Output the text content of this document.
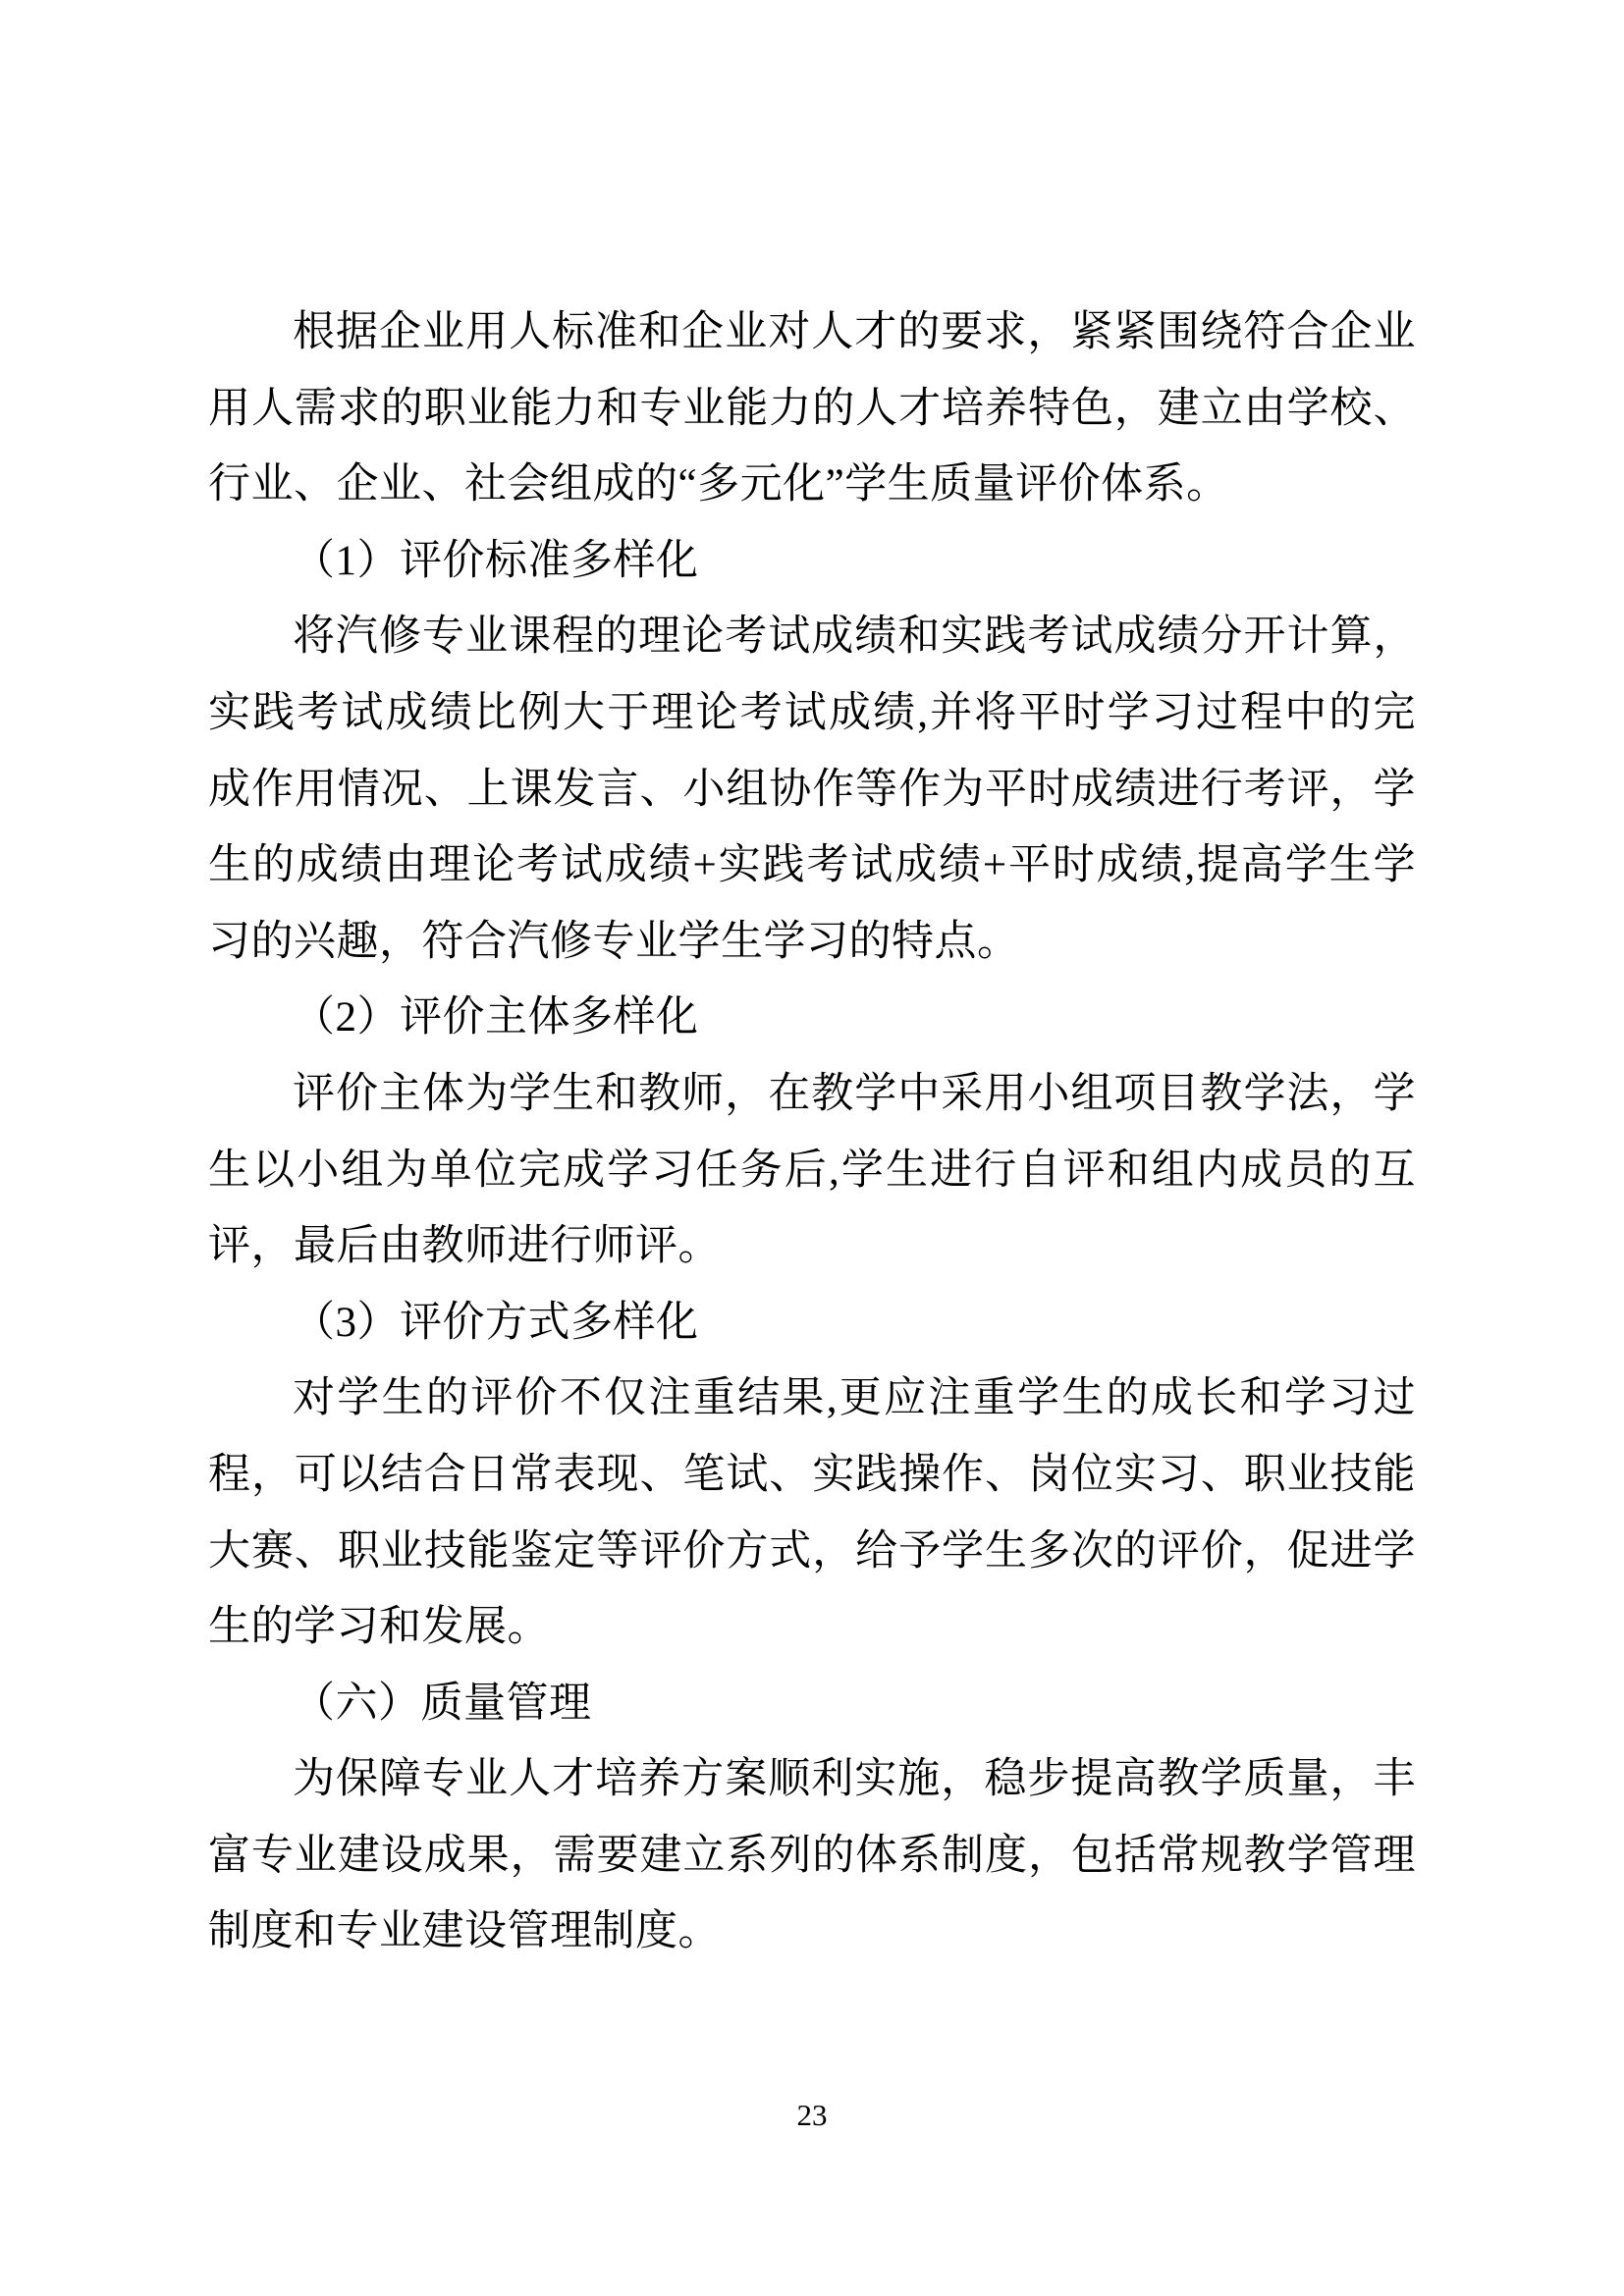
根据企业用人标准和企业对人才的要求，紧紧围绕符合企业
用人需求的职业能力和专业能力的人才培养特色，建立由学校、
行业、企业、社会组成的“多元化”学生质量评价体系。
（1）评价标准多样化
将汽修专业课程的理论考试成绩和实践考试成绩分开计算，
实践考试成绩比例大于理论考试成绩,并将平时学习过程中的完
成作用情况、上课发言、小组协作等作为平时成绩进行考评，学
生的成绩由理论考试成绩+实践考试成绩+平时成绩,提高学生学
习的兴趣，符合汽修专业学生学习的特点。
（2）评价主体多样化
评价主体为学生和教师，在教学中采用小组项目教学法，学
生以小组为单位完成学习任务后,学生进行自评和组内成员的互
评，最后由教师进行师评。
（3）评价方式多样化
对学生的评价不仅注重结果,更应注重学生的成长和学习过
程，可以结合日常表现、笔试、实践操作、岗位实习、职业技能
大赛、职业技能鉴定等评价方式，给予学生多次的评价，促进学
生的学习和发展。
（六）质量管理
为保障专业人才培养方案顺利实施，稳步提高教学质量，丰
富专业建设成果，需要建立系列的体系制度，包括常规教学管理
制度和专业建设管理制度。
23
